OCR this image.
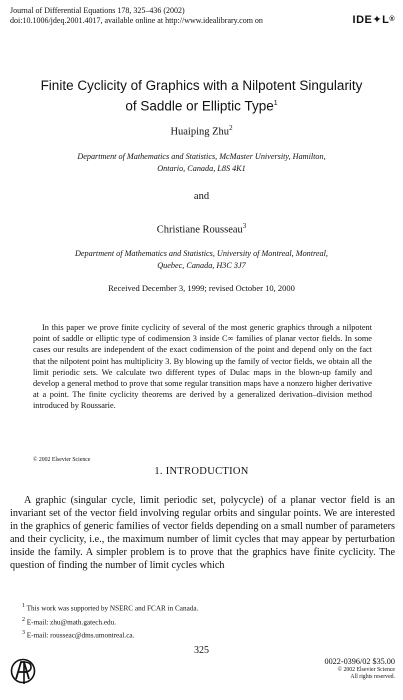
Journal of Differential Equations 178, 325–436 (2002)
doi:10.1006/jdeq.2001.4017, available online at http://www.idealibrary.com on	IDE✦L®
Finite Cyclicity of Graphics with a Nilpotent Singularity
of Saddle or Elliptic Type$^1$
Huaiping Zhu$^2$
Department of Mathematics and Statistics, McMaster University, Hamilton,
Ontario, Canada, L8S 4K1
and
Christiane Rousseau$^3$
Department of Mathematics and Statistics, University of Montreal, Montreal,
Quebec, Canada, H3C 3J7
Received December 3, 1999; revised October 10, 2000

In this paper we prove finite cyclicity of several of the most generic graphics through a nilpotent point of saddle or elliptic type of codimension 3 inside C∞ families of planar vector fields. In some cases our results are independent of the exact codimension of the point and depend only on the fact that the nilpotent point has multiplicity 3. By blowing up the family of vector fields, we obtain all the limit periodic sets. We calculate two different types of Dulac maps in the blown-up family and develop a general method to prove that some regular transition maps have a nonzero higher derivative at a point. The finite cyclicity theorems are derived by a generalized derivation–division method introduced by Roussarie.

© 2002 Elsevier Science
1. INTRODUCTION

A graphic (singular cycle, limit periodic set, polycycle) of a planar vector field is an invariant set of the vector field involving regular orbits and singular points. We are interested in the graphics of generic families of vector fields depending on a small number of parameters and their cyclicity, i.e., the maximum number of limit cycles that may appear by perturbation inside the family. A simpler problem is to prove that the graphics have finite cyclicity. The question of finding the number of limit cycles which

$^1$ This work was supported by NSERC and FCAR in Canada.
$^2$ E-mail: zhu@math.gatech.edu.
$^3$ E-mail: rousseac@dms.umontreal.ca.
325
0022-0396/02 $35.00
© 2002 Elsevier Science
All rights reserved.
